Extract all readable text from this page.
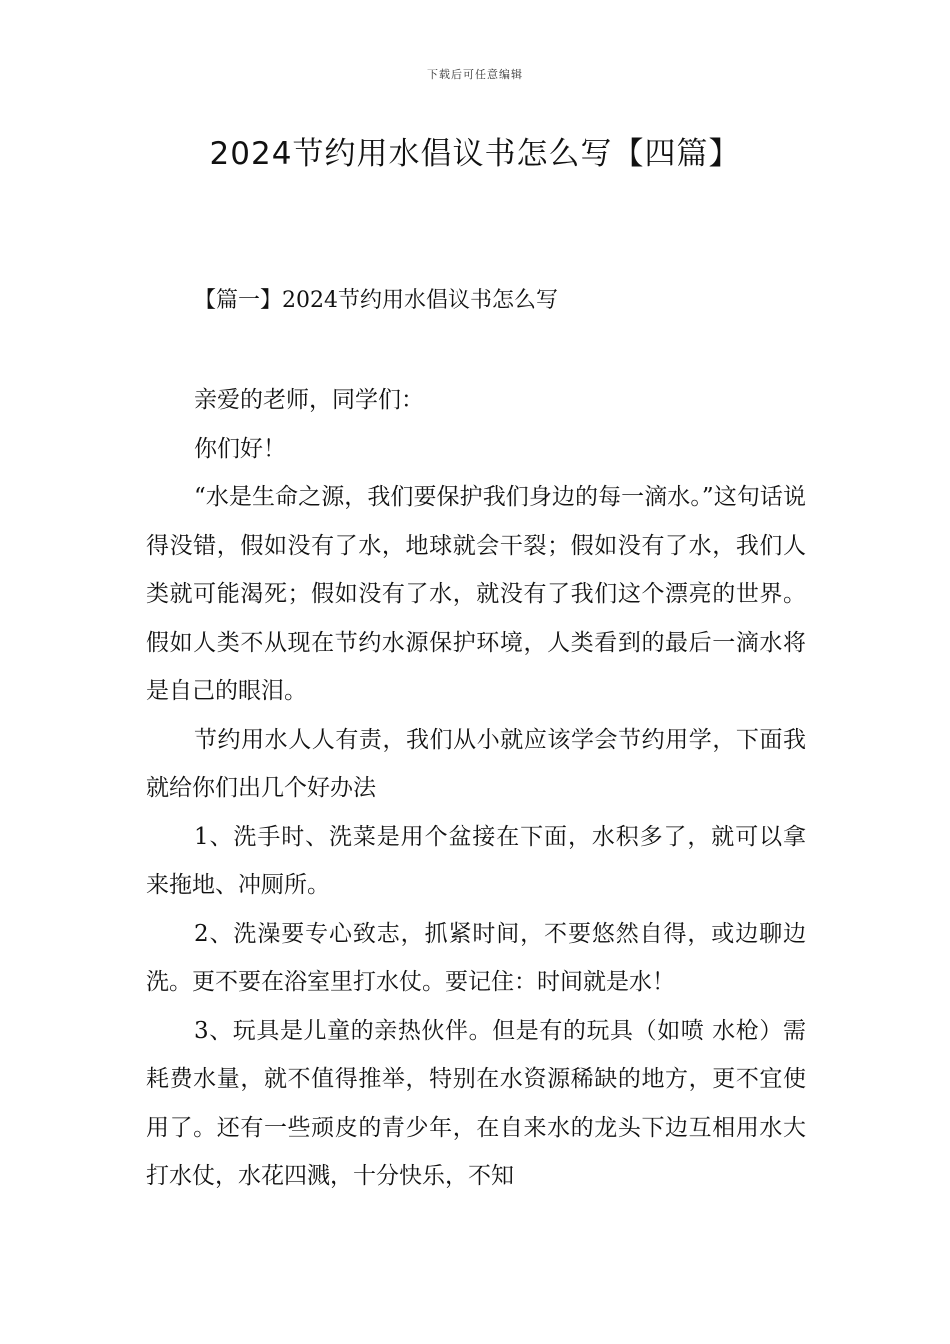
下载后可任意编辑
2024节约用水倡议书怎么写【四篇】
【篇一】2024节约用水倡议书怎么写

亲爱的老师，同学们：

你们好！

“水是生命之源，我们要保护我们身边的每一滴水。”这句话说得没错，假如没有了水，地球就会干裂；假如没有了水，我们人类就可能渴死；假如没有了水，就没有了我们这个漂亮的世界。假如人类不从现在节约水源保护环境，人类看到的最后一滴水将是自己的眼泪。

节约用水人人有责，我们从小就应该学会节约用学，下面我就给你们出几个好办法

1、洗手时、洗菜是用个盆接在下面，水积多了，就可以拿来拖地、冲厕所。

2、洗澡要专心致志，抓紧时间，不要悠然自得，或边聊边洗。更不要在浴室里打水仗。要记住：时间就是水！

3、玩具是儿童的亲热伙伴。但是有的玩具（如喷 水枪）需耗费水量，就不值得推举，特别在水资源稀缺的地方，更不宜使用了。还有一些顽皮的青少年，在自来水的龙头下边互相用水大打水仗，水花四溅，十分快乐，不知
